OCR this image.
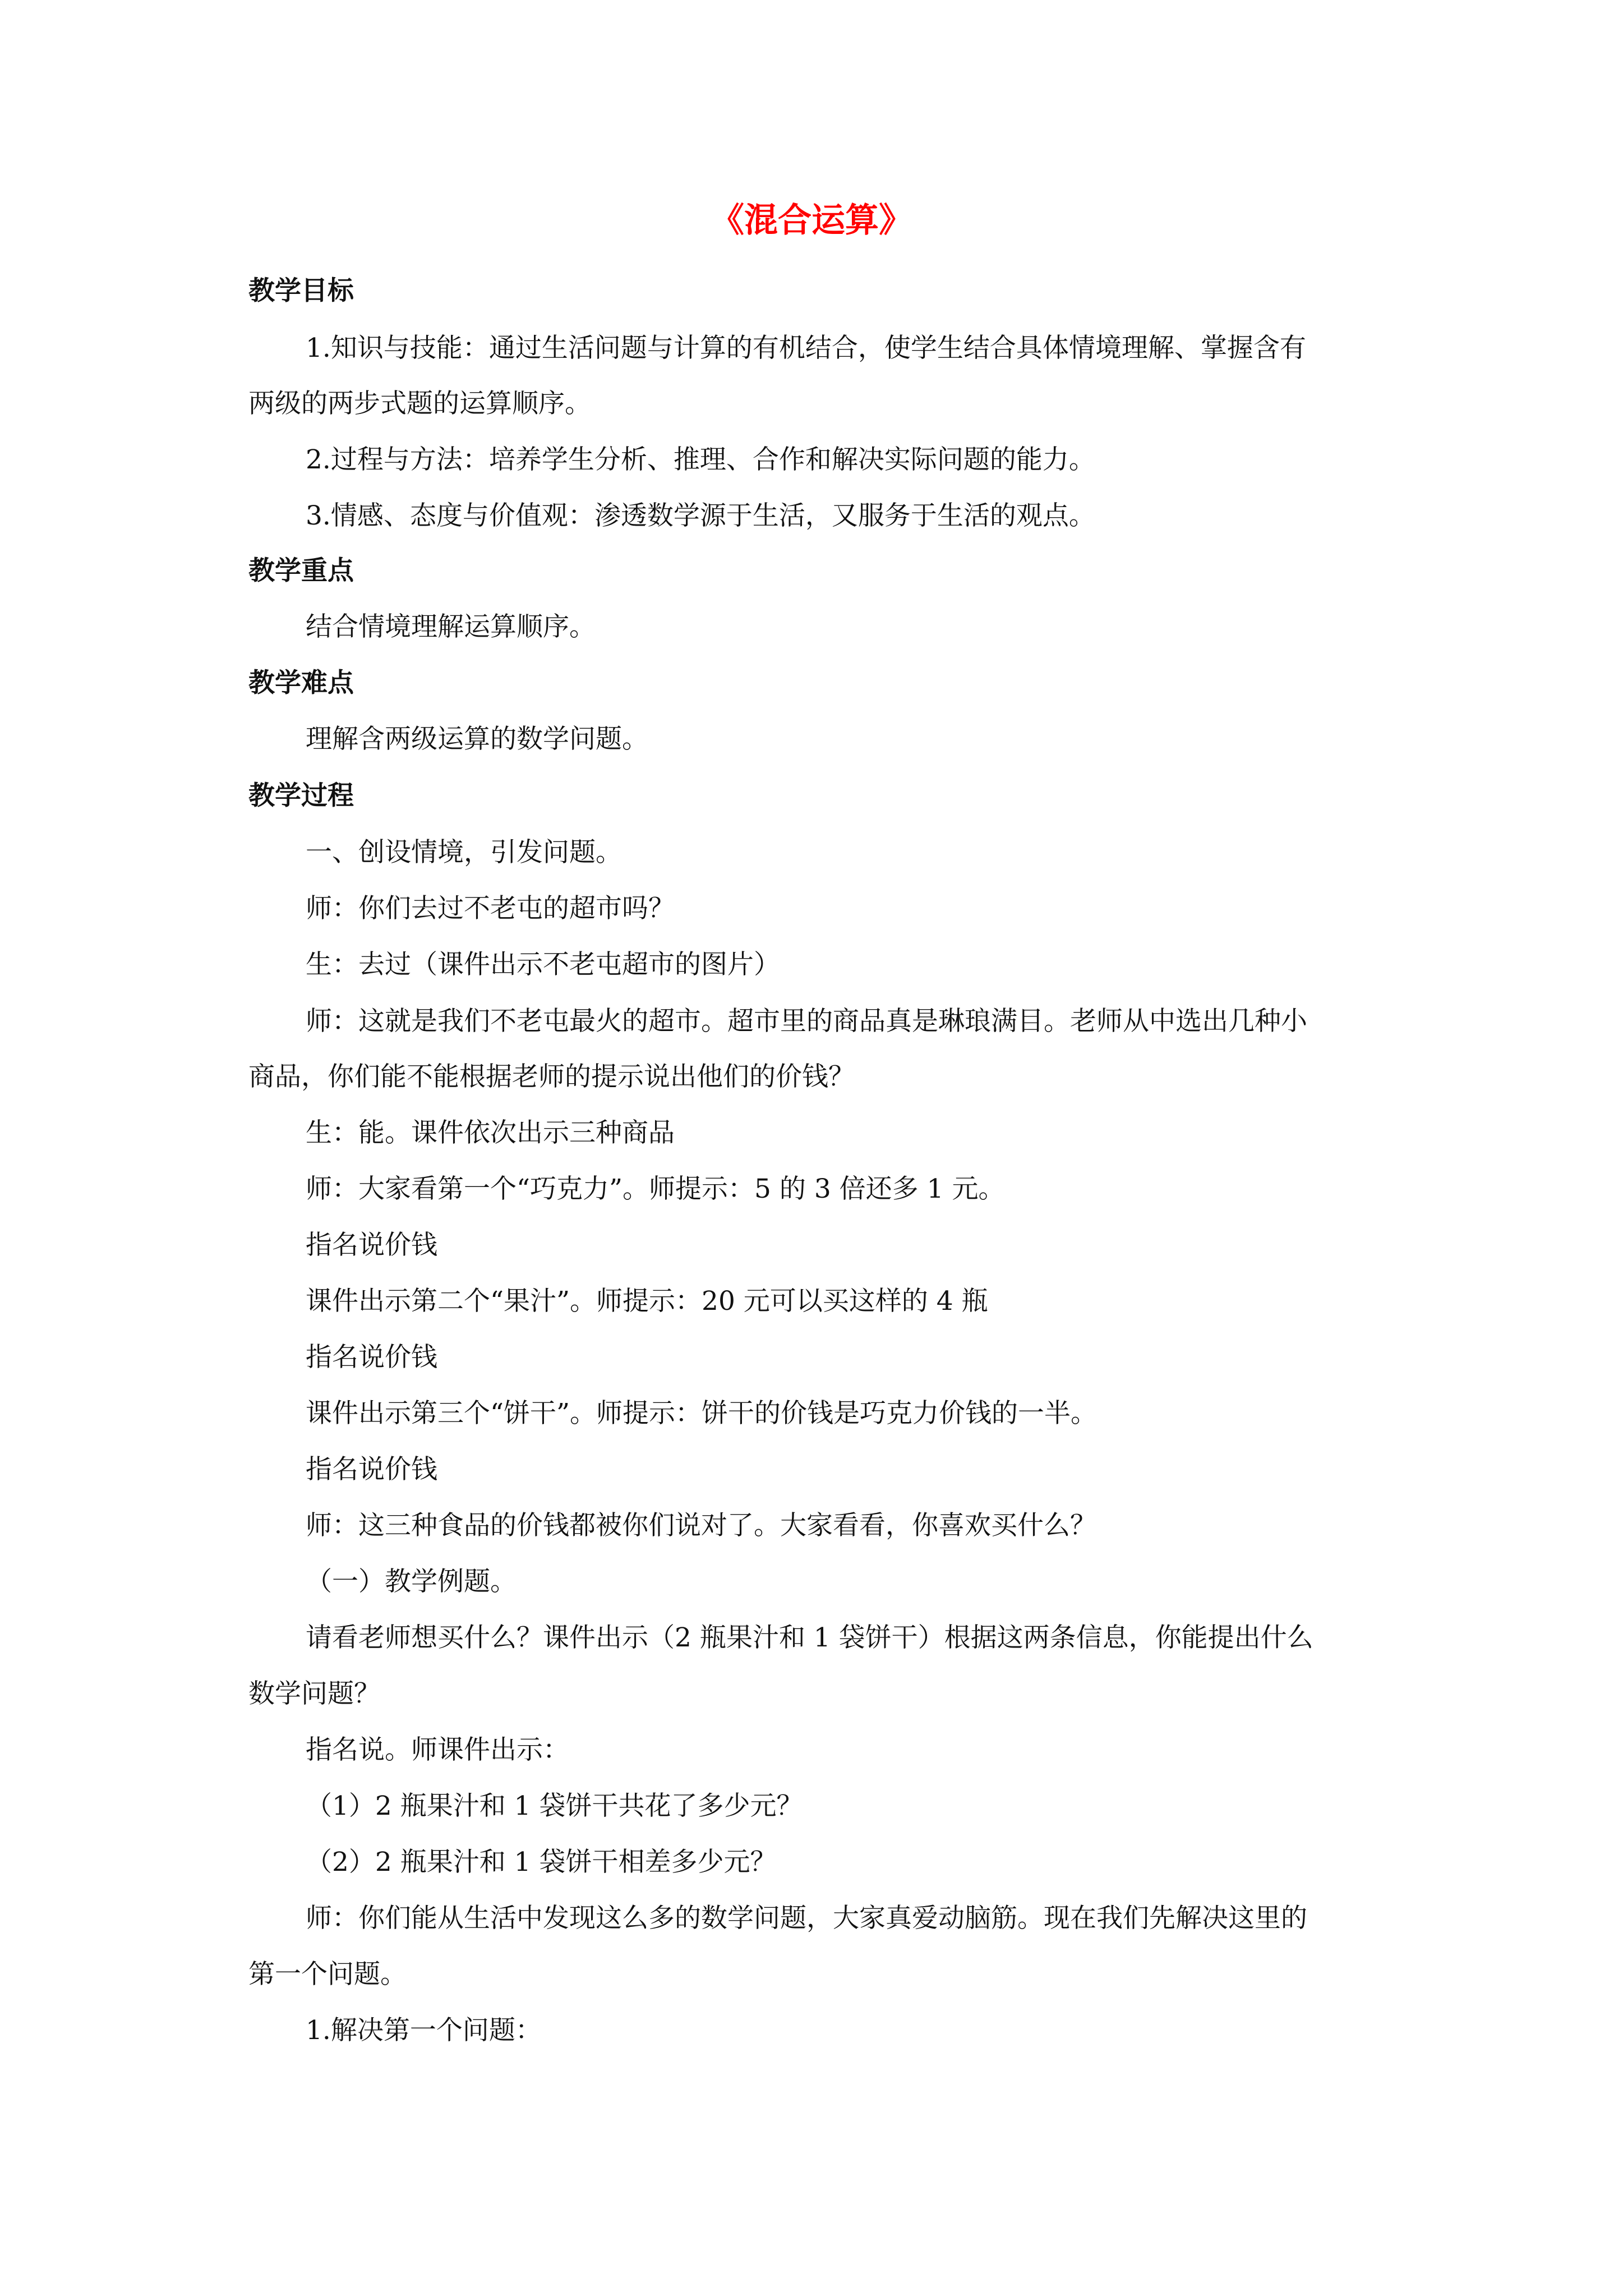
《混合运算》
教学目标
1.知识与技能：通过生活问题与计算的有机结合，使学生结合具体情境理解、掌握含有
两级的两步式题的运算顺序。
2.过程与方法：培养学生分析、推理、合作和解决实际问题的能力。
3.情感、态度与价值观：渗透数学源于生活，又服务于生活的观点。
教学重点
结合情境理解运算顺序。
教学难点
理解含两级运算的数学问题。
教学过程
一、创设情境，引发问题。
师：你们去过不老屯的超市吗？
生：去过（课件出示不老屯超市的图片）
师：这就是我们不老屯最火的超市。超市里的商品真是琳琅满目。老师从中选出几种小
商品，你们能不能根据老师的提示说出他们的价钱？
生：能。课件依次出示三种商品
师：大家看第一个“巧克力”。师提示：5 的 3 倍还多 1 元。
指名说价钱
课件出示第二个“果汁”。师提示：20 元可以买这样的 4 瓶
指名说价钱
课件出示第三个“饼干”。师提示：饼干的价钱是巧克力价钱的一半。
指名说价钱
师：这三种食品的价钱都被你们说对了。大家看看，你喜欢买什么？
（一）教学例题。
请看老师想买什么？课件出示（2 瓶果汁和 1 袋饼干）根据这两条信息，你能提出什么
数学问题？
指名说。师课件出示：
（1）2 瓶果汁和 1 袋饼干共花了多少元？
（2）2 瓶果汁和 1 袋饼干相差多少元？
师：你们能从生活中发现这么多的数学问题，大家真爱动脑筋。现在我们先解决这里的
第一个问题。
1.解决第一个问题：
